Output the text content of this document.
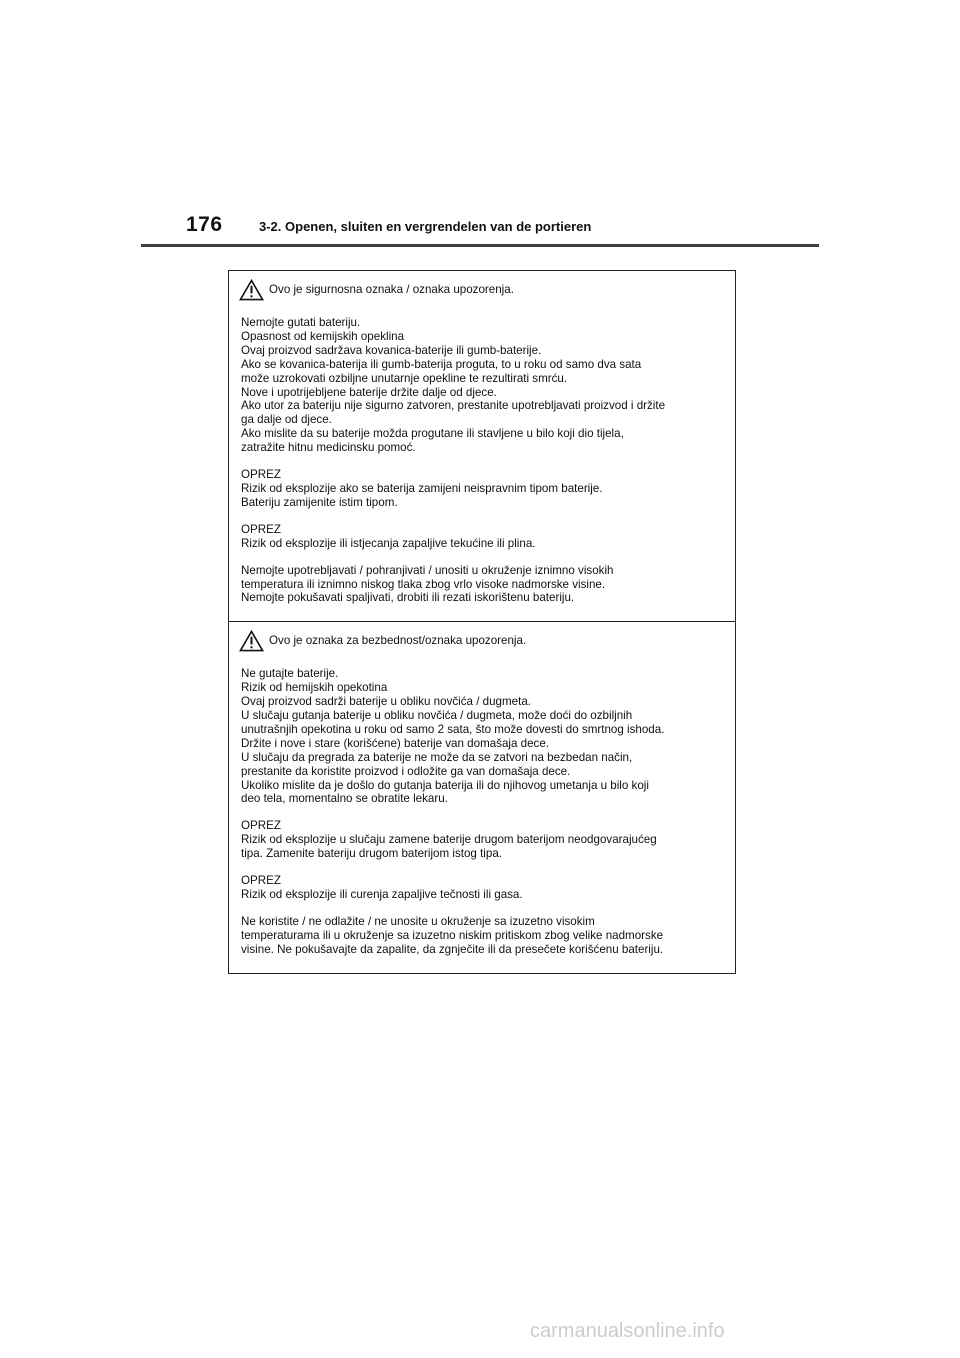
176	3-2. Openen, sluiten en vergrendelen van de portieren
Ovo je sigurnosna oznaka / oznaka upozorenja.

Nemojte gutati bateriju.
Opasnost od kemijskih opeklina
Ovaj proizvod sadržava kovanica-baterije ili gumb-baterije.
Ako se kovanica-baterija ili gumb-baterija proguta, to u roku od samo dva sata
može uzrokovati ozbiljne unutarnje opekline te rezultirati smrću.
Nove i upotrijebljene baterije držite dalje od djece.
Ako utor za bateriju nije sigurno zatvoren, prestanite upotrebljavati proizvod i držite
ga dalje od djece.
Ako mislite da su baterije možda progutane ili stavljene u bilo koji dio tijela,
zatražite hitnu medicinsku pomoć.

OPREZ
Rizik od eksplozije ako se baterija zamijeni neispravnim tipom baterije.
Bateriju zamijenite istim tipom.

OPREZ
Rizik od eksplozije ili istjecanja zapaljive tekućine ili plina.

Nemojte upotrebljavati / pohranjivati / unositi u okruženje iznimno visokih
temperatura ili iznimno niskog tlaka zbog vrlo visoke nadmorske visine.
Nemojte pokušavati spaljivati, drobiti ili rezati iskorištenu bateriju.

Ovo je oznaka za bezbednost/oznaka upozorenja.

Ne gutajte baterije.
Rizik od hemijskih opekotina
Ovaj proizvod sadrži baterije u obliku novčića / dugmeta.
U slučaju gutanja baterije u obliku novčića / dugmeta, može doći do ozbiljnih
unutrašnjih opekotina u roku od samo 2 sata, što može dovesti do smrtnog ishoda.
Držite i nove i stare (korišćene) baterije van domašaja dece.
U slučaju da pregrada za baterije ne može da se zatvori na bezbedan način,
prestanite da koristite proizvod i odložite ga van domašaja dece.
Ukoliko mislite da je došlo do gutanja baterija ili do njihovog umetanja u bilo koji
deo tela, momentalno se obratite lekaru.

OPREZ
Rizik od eksplozije u slučaju zamene baterije drugom baterijom neodgovarajućeg
tipa. Zamenite bateriju drugom baterijom istog tipa.

OPREZ
Rizik od eksplozije ili curenja zapaljive tečnosti ili gasa.

Ne koristite / ne odlažite / ne unosite u okruženje sa izuzetno visokim
temperaturama ili u okruženje sa izuzetno niskim pritiskom zbog velike nadmorske
visine. Ne pokušavajte da zapalite, da zgnječite ili da presečete korišćenu bateriju.

carmanualsonline.info
